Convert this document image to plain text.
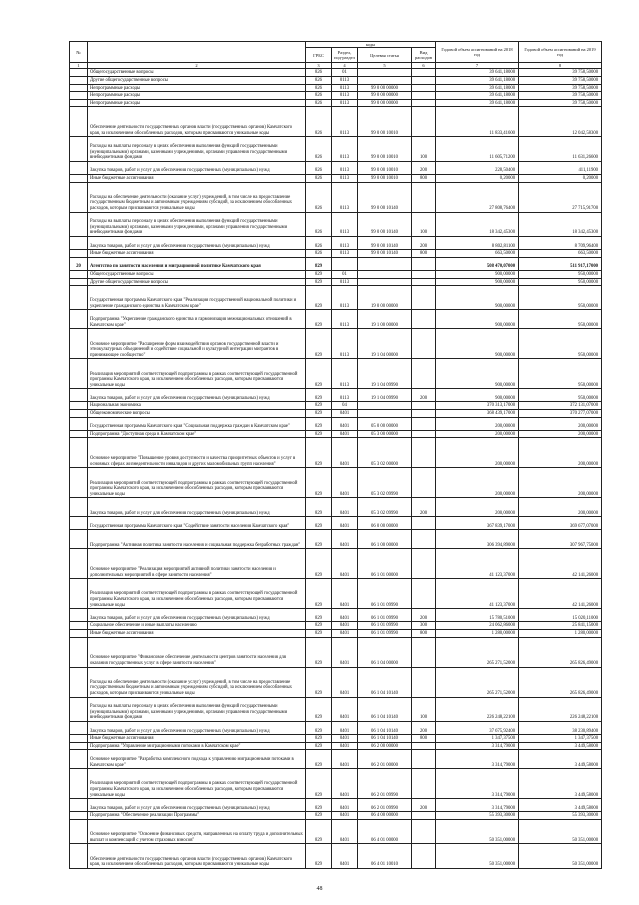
№		коды				Годовой объем ассигнований на 2018 год	Годовой объем ассигнований на 2019 год
		ГРБС	Раздел, под-раздел	Целевая статья	Вид расходов		
1	2	3	4	5	6	7	8
	Общегосударственные вопросы	826	01			39 641,18000	39 758,50000
	Другие общегосударственные вопросы	826	0113			39 641,18000	39 758,50000
	Непрограммные расходы	826	0113	99 0 00 00000		39 641,18000	39 758,50000
	Непрограммные расходы	826	0113	99 0 00 00000		39 641,18000	39 758,50000
	Непрограммные расходы	826	0113	99 0 00 00000		39 641,18000	39 758,50000
	Обеспечение деятельности государственных органов власти (государственных органов) Камчатского края, за исключением обособленных расходов, которым присваиваются уникальные коды	826	0113	99 0 00 10010		11 833,41600	12 042,58300
	Расходы на выплаты персоналу в целях обеспечения выполнения функций государственными (муниципальными) органами, казенными учреждениями, органами управления государственными внебюджетными фондами	826	0113	99 0 00 10010	100	11 605,71200	11 631,26600
	Закупка товаров, работ и услуг для обеспечения государственных (муниципальных) нужд	826	0113	99 0 00 10010	200	228,50400	411,11900
	Иные бюджетные ассигнования	826	0113	99 0 00 10010	800	0,20000	0,20000
	Расходы на обеспечение деятельности (оказание услуг) учреждений, в том числе на предоставление государственным бюджетным и автономным учреждениям субсидий, за исключением обособленных расходов, которым присваиваются уникальные коды	826	0113	99 0 00 10140		27 808,76400	27 715,91700
	Расходы на выплаты персоналу в целях обеспечения выполнения функций государственными (муниципальными) органами, казенными учреждениями, органами управления государственными внебюджетными фондами	826	0113	99 0 00 10140	100	18 342,45300	18 342,45300
	Закупка товаров, работ и услуг для обеспечения государственных (муниципальных) нужд	826	0113	99 0 00 10140	200	8 802,81100	8 709,96400
	Иные бюджетные ассигнования	826	0113	99 0 00 10140	800	663,50000	663,50000
20	Агентство по занятости населения и миграционной политике Камчатского края	829				508 470,07000	511 917,17000
	Общегосударственные вопросы	829	01			900,00000	950,00000
	Другие общегосударственные вопросы	829	0113			900,00000	950,00000
	Государственная программа Камчатского края "Реализация государственной национальной политики и укрепление гражданского единства в Камчатском крае"	829	0113	19 0 00 00000		900,00000	950,00000
	Подпрограмма "Укрепление гражданского единства и гармонизация межнациональных отношений в Камчатском крае"	829	0113	19 1 00 00000		900,00000	950,00000
	Основное мероприятие "Расширение форм взаимодействия органов государственной власти и этнокультурных объединений и содействие социальной и культурной интеграции мигрантов в принимающее сообщество"	829	0113	19 1 04 00000		900,00000	950,00000
	Реализация мероприятий соответствующей подпрограммы в рамках соответствующей государственной программы Камчатского края, за исключением обособленных расходов, которым присваиваются уникальные коды	829	0113	19 1 04 09990		900,00000	950,00000
	Закупка товаров, работ и услуг для обеспечения государственных (муниципальных) нужд	829	0113	19 1 04 09990	200	900,00000	950,00000
	Национальная экономика	829	04			370 313,17000	372 131,07000
	Общеэкономические вопросы	829	0401			368 439,17000	370 277,07000
	Государственная программа Камчатского края "Социальная поддержка граждан в Камчатском крае"	829	0401	05 0 00 00000		200,00000	200,00000
	Подпрограмма "Доступная среда в Камчатском крае"	829	0401	05 3 00 00000		200,00000	200,00000
	Основное мероприятие "Повышение уровня доступности и качества приоритетных объектов и услуг в основных сферах жизнедеятельности инвалидов и других маломобильных групп населения"	829	0401	05 3 02 00000		200,00000	200,00000
	Реализация мероприятий соответствующей подпрограммы в рамках соответствующей государственной программы Камчатского края, за исключением обособленных расходов, которым присваиваются уникальные коды	829	0401	05 3 02 09990		200,00000	200,00000
	Закупка товаров, работ и услуг для обеспечения государственных (муниципальных) нужд	829	0401	05 3 02 09990	200	200,00000	200,00000
	Государственная программа Камчатского края "Содействие занятости населения Камчатского края"	829	0401	06 0 00 00000		367 839,17000	369 677,07000
	Подпрограмма "Активная политика занятости населения и социальная поддержка безработных граждан"	829	0401	06 1 00 00000		306 394,89000	307 967,75000
	Основное мероприятие "Реализация мероприятий активной политики занятости населения и дополнительных мероприятий в сфере занятости населения"	829	0401	06 1 01 00000		41 123,37000	42 141,26000
	Реализация мероприятий соответствующей подпрограммы в рамках соответствующей государственной программы Камчатского края, за исключением обособленных расходов, которым присваиваются уникальные коды	829	0401	06 1 01 09990		41 123,37000	42 141,26000
	Закупка товаров, работ и услуг для обеспечения государственных (муниципальных) нужд	829	0401	06 1 01 09990	200	15 780,51000	15 020,11000
	Социальное обеспечение и иные выплаты населению	829	0401	06 1 01 09990	300	24 062,86000	25 841,15000
	Иные бюджетные ассигнования	829	0401	06 1 01 09990	800	1 280,00000	1 280,00000
	Основное мероприятие "Финансовое обеспечение деятельности центров занятости населения для оказания государственных услуг в сфере занятости населения"	829	0401	06 1 04 00000		265 271,52000	265 826,49000
	Расходы на обеспечение деятельности (оказание услуг) учреждений, в том числе на предоставление государственным бюджетным и автономным учреждениям субсидий, за исключением обособленных расходов, которым присваиваются уникальные коды	829	0401	06 1 04 10140		265 271,52000	265 826,49000
	Расходы на выплаты персоналу в целях обеспечения выполнения функций государственными (муниципальными) органами, казенными учреждениями, органами управления государственными внебюджетными фондами	829	0401	06 1 04 10140	100	226 248,22100	226 248,22100
	Закупка товаров, работ и услуг для обеспечения государственных (муниципальных) нужд	829	0401	06 1 04 10140	200	37 675,92400	38 230,89400
	Иные бюджетные ассигнования	829	0401	06 1 04 10140	800	1 347,37500	1 347,37500
	Подпрограмма "Управление миграционными потоками в Камчатском крае"	829	0401	06 2 00 00000		3 314,79000	3 449,58000
	Основное мероприятие "Разработка комплексного подхода к управлению миграционными потоками в Камчатском крае"	829	0401	06 2 01 00000		3 314,79000	3 449,58000
	Реализация мероприятий соответствующей подпрограммы в рамках соответствующей государственной программы Камчатского края, за исключением обособленных расходов, которым присваиваются уникальные коды	829	0401	06 2 01 09990		3 314,79000	3 449,58000
	Закупка товаров, работ и услуг для обеспечения государственных (муниципальных) нужд	829	0401	06 2 01 09990	200	3 314,79000	3 449,58000
	Подпрограмма "Обеспечение реализации Программы"	829	0401	06 4 00 00000		55 393,30000	55 393,30000
	Основное мероприятие "Освоение финансовых средств, направленных на оплату труда и дополнительных выплат и компенсаций с учетом страховых взносов"	829	0401	06 4 01 00000		50 351,00000	50 351,00000
	Обеспечение деятельности государственных органов власти (государственных органов) Камчатского края, за исключением обособленных расходов, которым присваиваются уникальные коды	829	0401	06 4 01 10010		50 351,00000	50 351,00000
48
